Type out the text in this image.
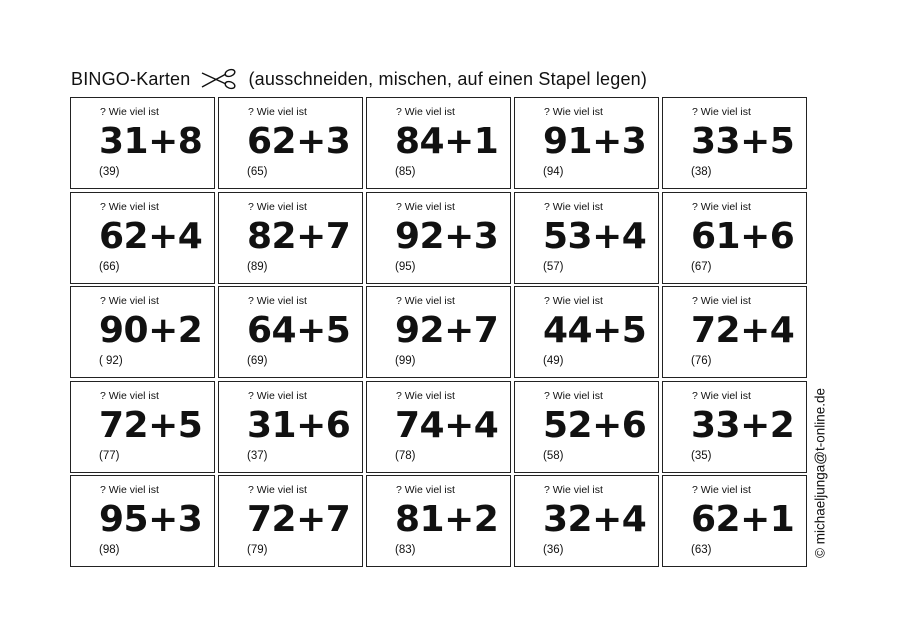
BINGO-Karten	(ausschneiden, mischen, auf einen Stapel legen)
? Wie viel ist
31+8
(39)
? Wie viel ist
62+3
(65)
? Wie viel ist
84+1
(85)
? Wie viel ist
91+3
(94)
? Wie viel ist
33+5
(38)
? Wie viel ist
62+4
(66)
? Wie viel ist
82+7
(89)
? Wie viel ist
92+3
(95)
? Wie viel ist
53+4
(57)
? Wie viel ist
61+6
(67)
? Wie viel ist
90+2
( 92)
? Wie viel ist
64+5
(69)
? Wie viel ist
92+7
(99)
? Wie viel ist
44+5
(49)
? Wie viel ist
72+4
(76)
? Wie viel ist
72+5
(77)
? Wie viel ist
31+6
(37)
? Wie viel ist
74+4
(78)
? Wie viel ist
52+6
(58)
? Wie viel ist
33+2
(35)
? Wie viel ist
95+3
(98)
? Wie viel ist
72+7
(79)
? Wie viel ist
81+2
(83)
? Wie viel ist
32+4
(36)
? Wie viel ist
62+1
(63)	© michaeljunga@t-online.de
